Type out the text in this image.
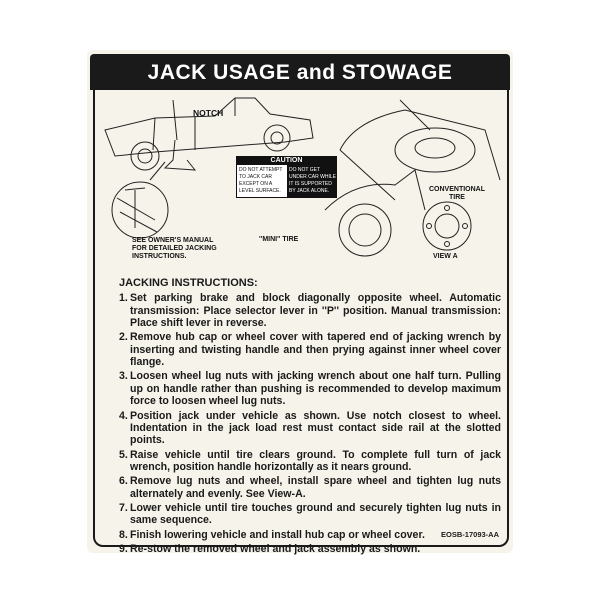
JACK USAGE and STOWAGE
NOTCH
CAUTION
DO NOT ATTEMPT TO JACK CAR EXCEPT ON A LEVEL SURFACE.
DO NOT GET UNDER CAR WHILE IT IS SUPPORTED BY JACK ALONE.
SEE OWNER'S MANUAL FOR DETAILED JACKING INSTRUCTIONS.
''MINI'' TIRE
CONVENTIONAL TIRE
VIEW A
JACKING INSTRUCTIONS:
1. Set parking brake and block diagonally opposite wheel. Automatic transmission: Place selector lever in ''P'' position. Manual transmission: Place shift lever in reverse.
2. Remove hub cap or wheel cover with tapered end of jacking wrench by inserting and twisting handle and then prying against inner wheel cover flange.
3. Loosen wheel lug nuts with jacking wrench about one half turn. Pulling up on handle rather than pushing is recommended to develop maximum force to loosen wheel lug nuts.
4. Position jack under vehicle as shown. Use notch closest to wheel. Indentation in the jack load rest must contact side rail at the slotted points.
5. Raise vehicle until tire clears ground. To complete full turn of jack wrench, position handle horizontally as it nears ground.
6. Remove lug nuts and wheel, install spare wheel and tighten lug nuts alternately and evenly. See View-A.
7. Lower vehicle until tire touches ground and securely tighten lug nuts in same sequence.
8. Finish lowering vehicle and install hub cap or wheel cover.
9. Re-stow the removed wheel and jack assembly as shown.
EOSB-17093-AA
